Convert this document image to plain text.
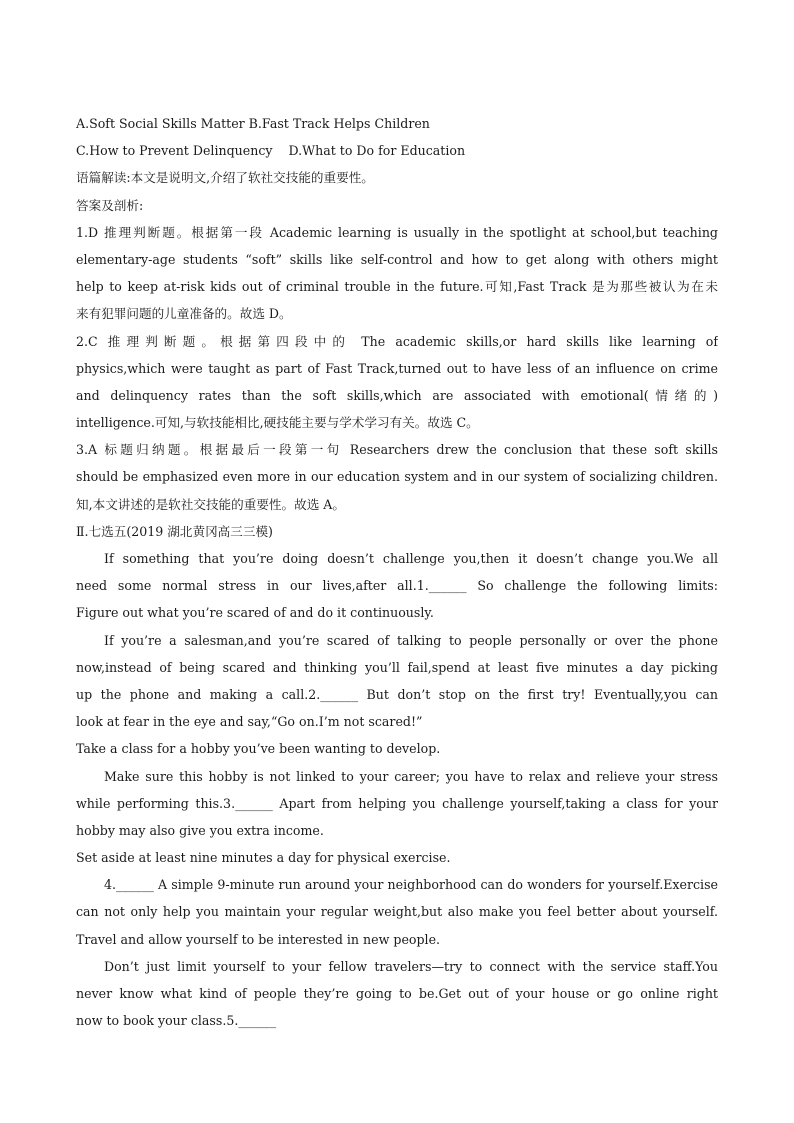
A.Soft Social Skills Matter B.Fast Track Helps Children
C.How to Prevent Delinquency    D.What to Do for Education
语篇解读:本文是说明文,介绍了软社交技能的重要性。
答案及剖析:
1.D 推理判断题。根据第一段 Academic learning is usually in the spotlight at school,but teaching
elementary-age students “soft” skills like self-control and how to get along with others might
help to keep at-risk kids out of criminal trouble in the future.可知,Fast Track 是为那些被认为在未
来有犯罪问题的儿童准备的。故选 D。
2.C 推理判断题。根据第四段中的 The academic skills,or hard skills like learning of
physics,which were taught as part of Fast Track,turned out to have less of an influence on crime
and delinquency rates than the soft skills,which are associated with emotional(情绪的)
intelligence.可知,与软技能相比,硬技能主要与学术学习有关。故选 C。
3.A 标题归纳题。根据最后一段第一句 Researchers drew the conclusion that these soft skills
should be emphasized even more in our education system and in our system of socializing children.
知,本文讲述的是软社交技能的重要性。故选 A。
Ⅱ.七选五(2019 湖北黄冈高三三模)
If something that you’re doing doesn’t challenge you,then it doesn’t change you.We all
need some normal stress in our lives,after all.1.______ So challenge the following limits:
Figure out what you’re scared of and do it continuously.
If you’re a salesman,and you’re scared of talking to people personally or over the phone
now,instead of being scared and thinking you’ll fail,spend at least five minutes a day picking
up the phone and making a call.2.______ But don’t stop on the first try! Eventually,you can
look at fear in the eye and say,“Go on.I’m not scared!”
Take a class for a hobby you’ve been wanting to develop.
Make sure this hobby is not linked to your career; you have to relax and relieve your stress
while performing this.3.______ Apart from helping you challenge yourself,taking a class for your
hobby may also give you extra income.
Set aside at least nine minutes a day for physical exercise.
4.______ A simple 9-minute run around your neighborhood can do wonders for yourself.Exercise
can not only help you maintain your regular weight,but also make you feel better about yourself.
Travel and allow yourself to be interested in new people.
Don’t just limit yourself to your fellow travelers—try to connect with the service staff.You
never know what kind of people they’re going to be.Get out of your house or go online right
now to book your class.5.______
